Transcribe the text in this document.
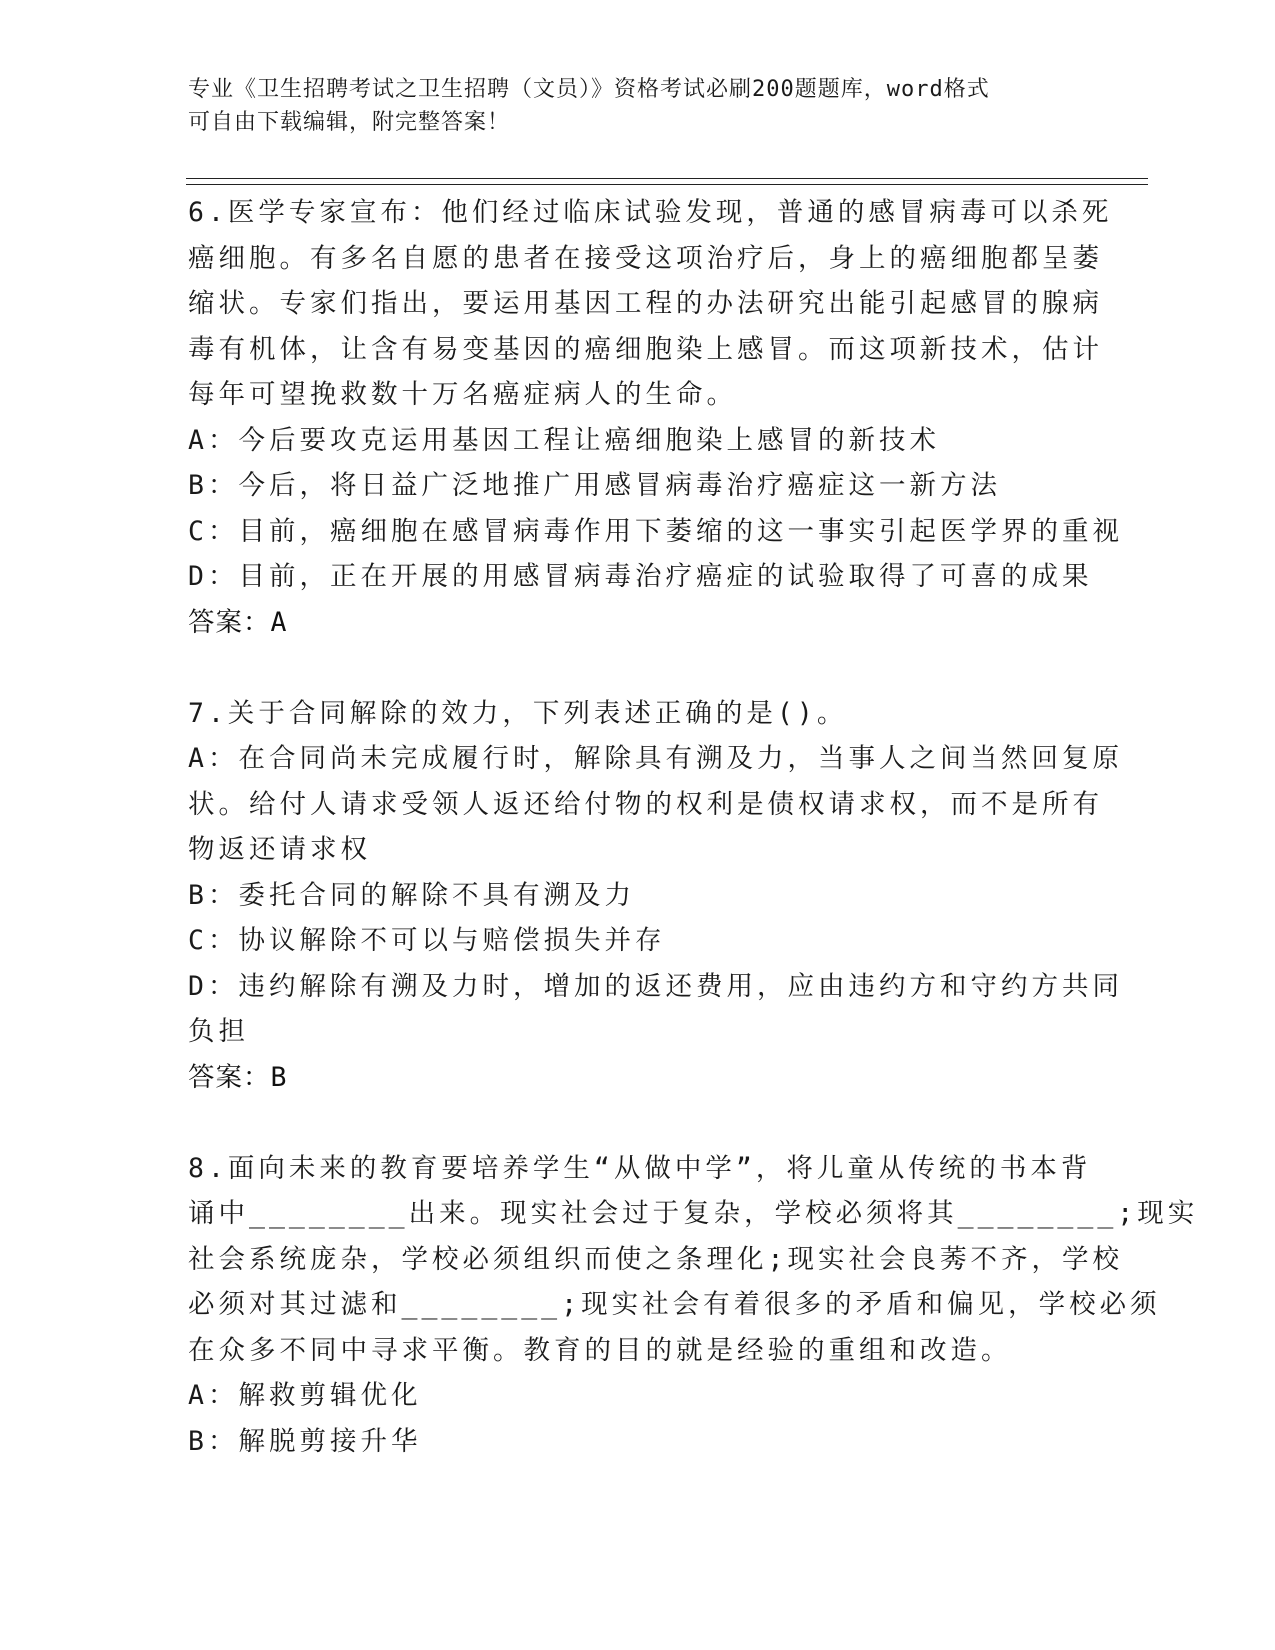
专业《卫生招聘考试之卫生招聘（文员）》资格考试必刷200题题库，word格式
可自由下载编辑，附完整答案！
6.医学专家宣布：他们经过临床试验发现，普通的感冒病毒可以杀死
癌细胞。有多名自愿的患者在接受这项治疗后，身上的癌细胞都呈萎
缩状。专家们指出，要运用基因工程的办法研究出能引起感冒的腺病
毒有机体，让含有易变基因的癌细胞染上感冒。而这项新技术，估计
每年可望挽救数十万名癌症病人的生命。
A：今后要攻克运用基因工程让癌细胞染上感冒的新技术
B：今后，将日益广泛地推广用感冒病毒治疗癌症这一新方法
C：目前，癌细胞在感冒病毒作用下萎缩的这一事实引起医学界的重视
D：目前，正在开展的用感冒病毒治疗癌症的试验取得了可喜的成果
答案：A
7.关于合同解除的效力，下列表述正确的是()。
A：在合同尚未完成履行时，解除具有溯及力，当事人之间当然回复原
状。给付人请求受领人返还给付物的权利是债权请求权，而不是所有
物返还请求权
B：委托合同的解除不具有溯及力
C：协议解除不可以与赔偿损失并存
D：违约解除有溯及力时，增加的返还费用，应由违约方和守约方共同
负担
答案：B
8.面向未来的教育要培养学生“从做中学”，将儿童从传统的书本背
诵中________出来。现实社会过于复杂，学校必须将其________;现实
社会系统庞杂，学校必须组织而使之条理化;现实社会良莠不齐，学校
必须对其过滤和________;现实社会有着很多的矛盾和偏见，学校必须
在众多不同中寻求平衡。教育的目的就是经验的重组和改造。
A：解救剪辑优化
B：解脱剪接升华
